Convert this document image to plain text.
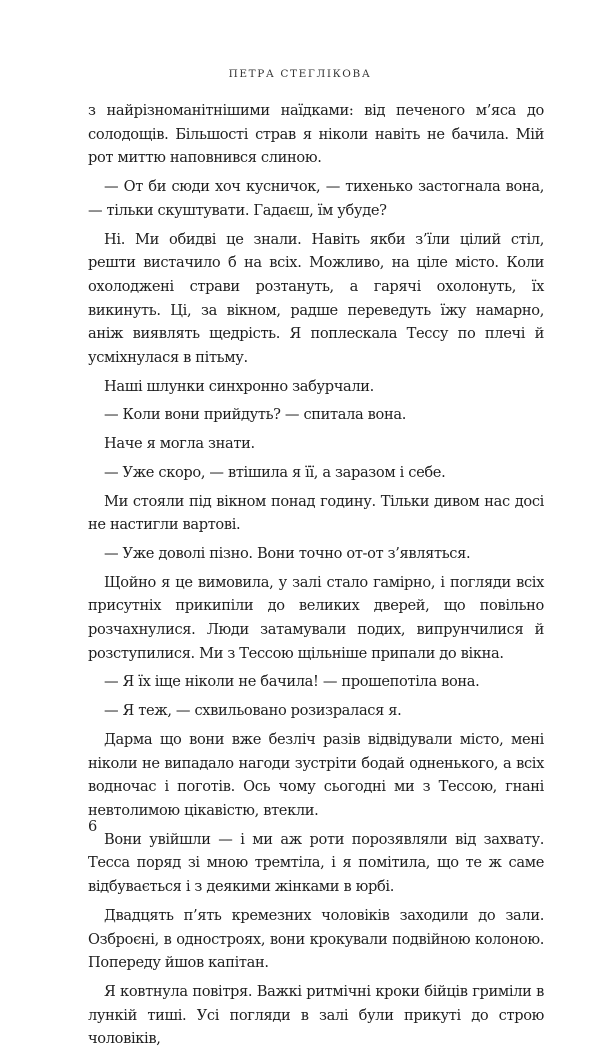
ПЕТРА СТЕГЛІКОВА

з найрізноманітнішими наїдками: від печеного м’яса до солодощів. Більшості страв я ніколи навіть не бачила. Мій рот миттю наповнився слиною.

— От би сюди хоч кусничок, — тихенько застогнала вона, — тільки скуштувати. Гадаєш, їм убуде?

Ні. Ми обидві це знали. Навіть якби з’їли цілий стіл, решти вистачило б на всіх. Можливо, на ціле місто. Коли охолоджені страви розтануть, а гарячі охолонуть, їх викинуть. Ці, за вікном, радше переведуть їжу намарно, аніж виявлять щедрість. Я поплескала Тессу по плечі й усміхнулася в пітьму.

Наші шлунки синхронно забурчали.

— Коли вони прийдуть? — спитала вона.

Наче я могла знати.

— Уже скоро, — втішила я її, а заразом і себе.

Ми стояли під вікном понад годину. Тільки дивом нас досі не настигли вартові.

— Уже доволі пізно. Вони точно от-от з’являться.

Щойно я це вимовила, у залі стало гамірно, і погляди всіх присутніх прикипіли до великих дверей, що повільно розчахнулися. Люди затамували подих, випрунчилися й розступилися. Ми з Тессою щільніше припали до вікна.

— Я їх іще ніколи не бачила! — прошепотіла вона.

— Я теж, — схвильовано розизралася я.

Дарма що вони вже безліч разів відвідували місто, мені ніколи не випадало нагоди зустріти бодай одненького, а всіх водночас і поготів. Ось чому сьогодні ми з Тессою, гнані невтолимою цікавістю, втекли.

Вони увійшли — і ми аж роти порозявляли від захвату. Тесса поряд зі мною тремтіла, і я помітила, що те ж саме відбувається і з деякими жінками в юрбі.

Двадцять п’ять кремезних чоловіків заходили до зали. Озброєні, в одностроях, вони крокували подвійною колоною. Попереду йшов капітан.

Я ковтнула повітря. Важкі ритмічні кроки бійців гриміли в лункій тиші. Усі погляди в залі були прикуті до строю чоловіків,

6
